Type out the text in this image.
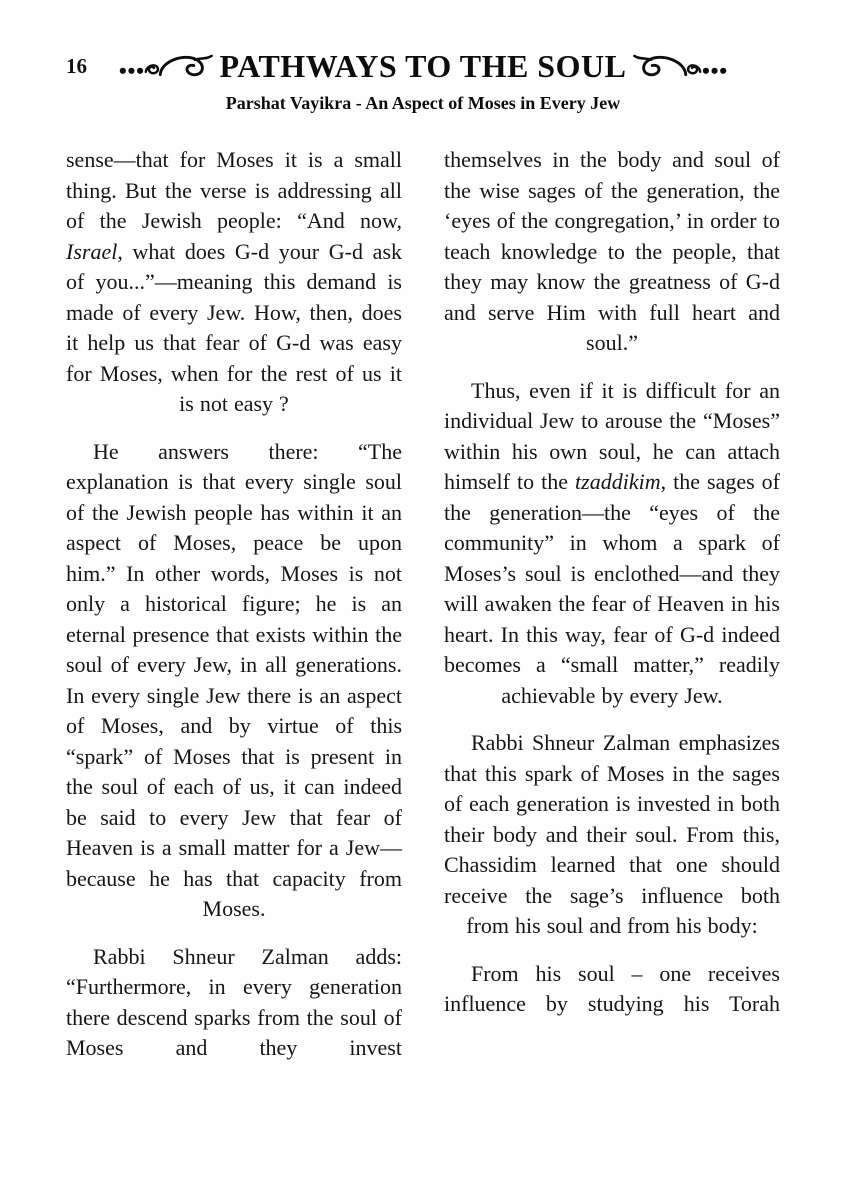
16	PATHWAYS TO THE SOUL
Parshat Vayikra - An Aspect of Moses in Every Jew

sense—that for Moses it is a small thing. But the verse is addressing all of the Jewish people: “And now, Israel, what does G-d your G-d ask of you...”—meaning this demand is made of every Jew. How, then, does it help us that fear of G-d was easy for Moses, when for the rest of us it is not easy ?

He answers there: “The explanation is that every single soul of the Jewish people has within it an aspect of Moses, peace be upon him.” In other words, Moses is not only a historical figure; he is an eternal presence that exists within the soul of every Jew, in all generations. In every single Jew there is an aspect of Moses, and by virtue of this “spark” of Moses that is present in the soul of each of us, it can indeed be said to every Jew that fear of Heaven is a small matter for a Jew—because he has that capacity from Moses.

Rabbi Shneur Zalman adds: “Furthermore, in every generation there descend sparks from the soul of Moses and they invest

themselves in the body and soul of the wise sages of the generation, the ‘eyes of the congregation,’ in order to teach knowledge to the people, that they may know the greatness of G-d and serve Him with full heart and soul.”

Thus, even if it is difficult for an individual Jew to arouse the “Moses” within his own soul, he can attach himself to the tzaddikim, the sages of the generation—the “eyes of the community” in whom a spark of Moses’s soul is enclothed—and they will awaken the fear of Heaven in his heart. In this way, fear of G-d indeed becomes a “small matter,” readily achievable by every Jew.

Rabbi Shneur Zalman emphasizes that this spark of Moses in the sages of each generation is invested in both their body and their soul. From this, Chassidim learned that one should receive the sage’s influence both from his soul and from his body:

From his soul – one receives influence by studying his Torah
